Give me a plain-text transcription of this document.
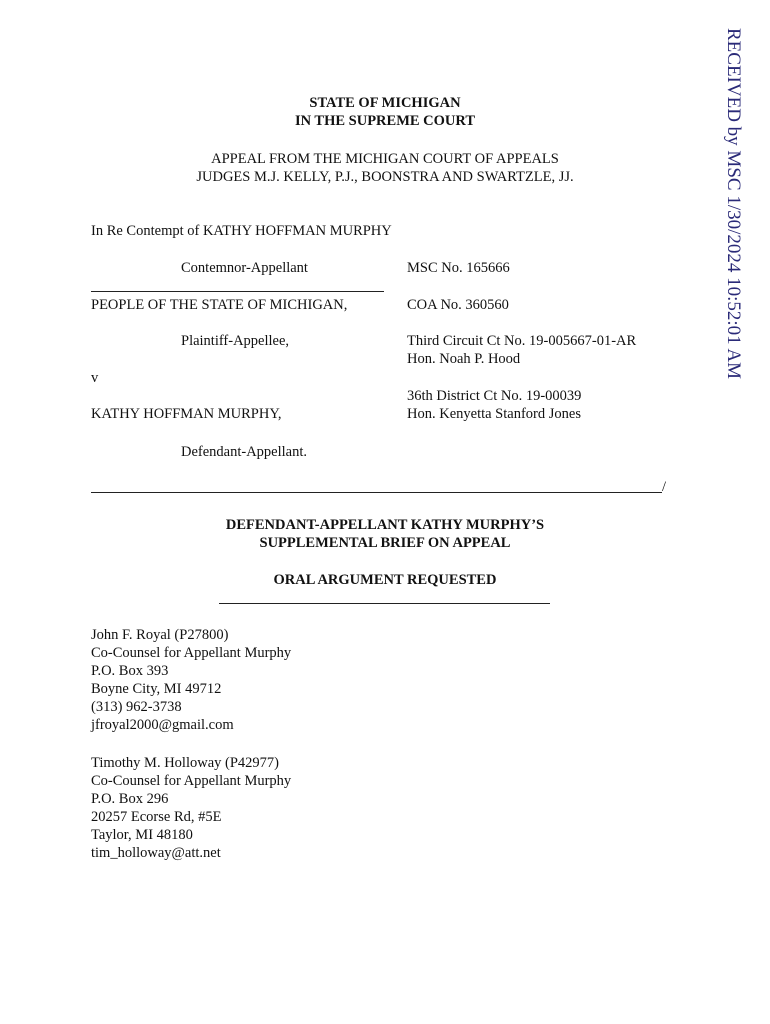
RECEIVED by MSC 1/30/2024 10:52:01 AM
STATE OF MICHIGAN
IN THE SUPREME COURT
APPEAL FROM THE MICHIGAN COURT OF APPEALS
JUDGES M.J. KELLY, P.J., BOONSTRA AND SWARTZLE, JJ.
In Re Contempt of KATHY HOFFMAN MURPHY
Contemnor-Appellant
PEOPLE OF THE STATE OF MICHIGAN,
Plaintiff-Appellee,
v
KATHY HOFFMAN MURPHY,
Defendant-Appellant.
MSC No. 165666
COA No. 360560
Third Circuit Ct No. 19-005667-01-AR
Hon. Noah P. Hood
36th District Ct No. 19-00039
Hon. Kenyetta Stanford Jones
/
DEFENDANT-APPELLANT KATHY MURPHY’S
SUPPLEMENTAL BRIEF ON APPEAL
ORAL ARGUMENT REQUESTED
John F. Royal (P27800)
Co-Counsel for Appellant Murphy
P.O. Box 393
Boyne City, MI 49712
(313) 962-3738
jfroyal2000@gmail.com
Timothy M. Holloway (P42977)
Co-Counsel for Appellant Murphy
P.O. Box 296
20257 Ecorse Rd, #5E
Taylor, MI 48180
tim_holloway@att.net
